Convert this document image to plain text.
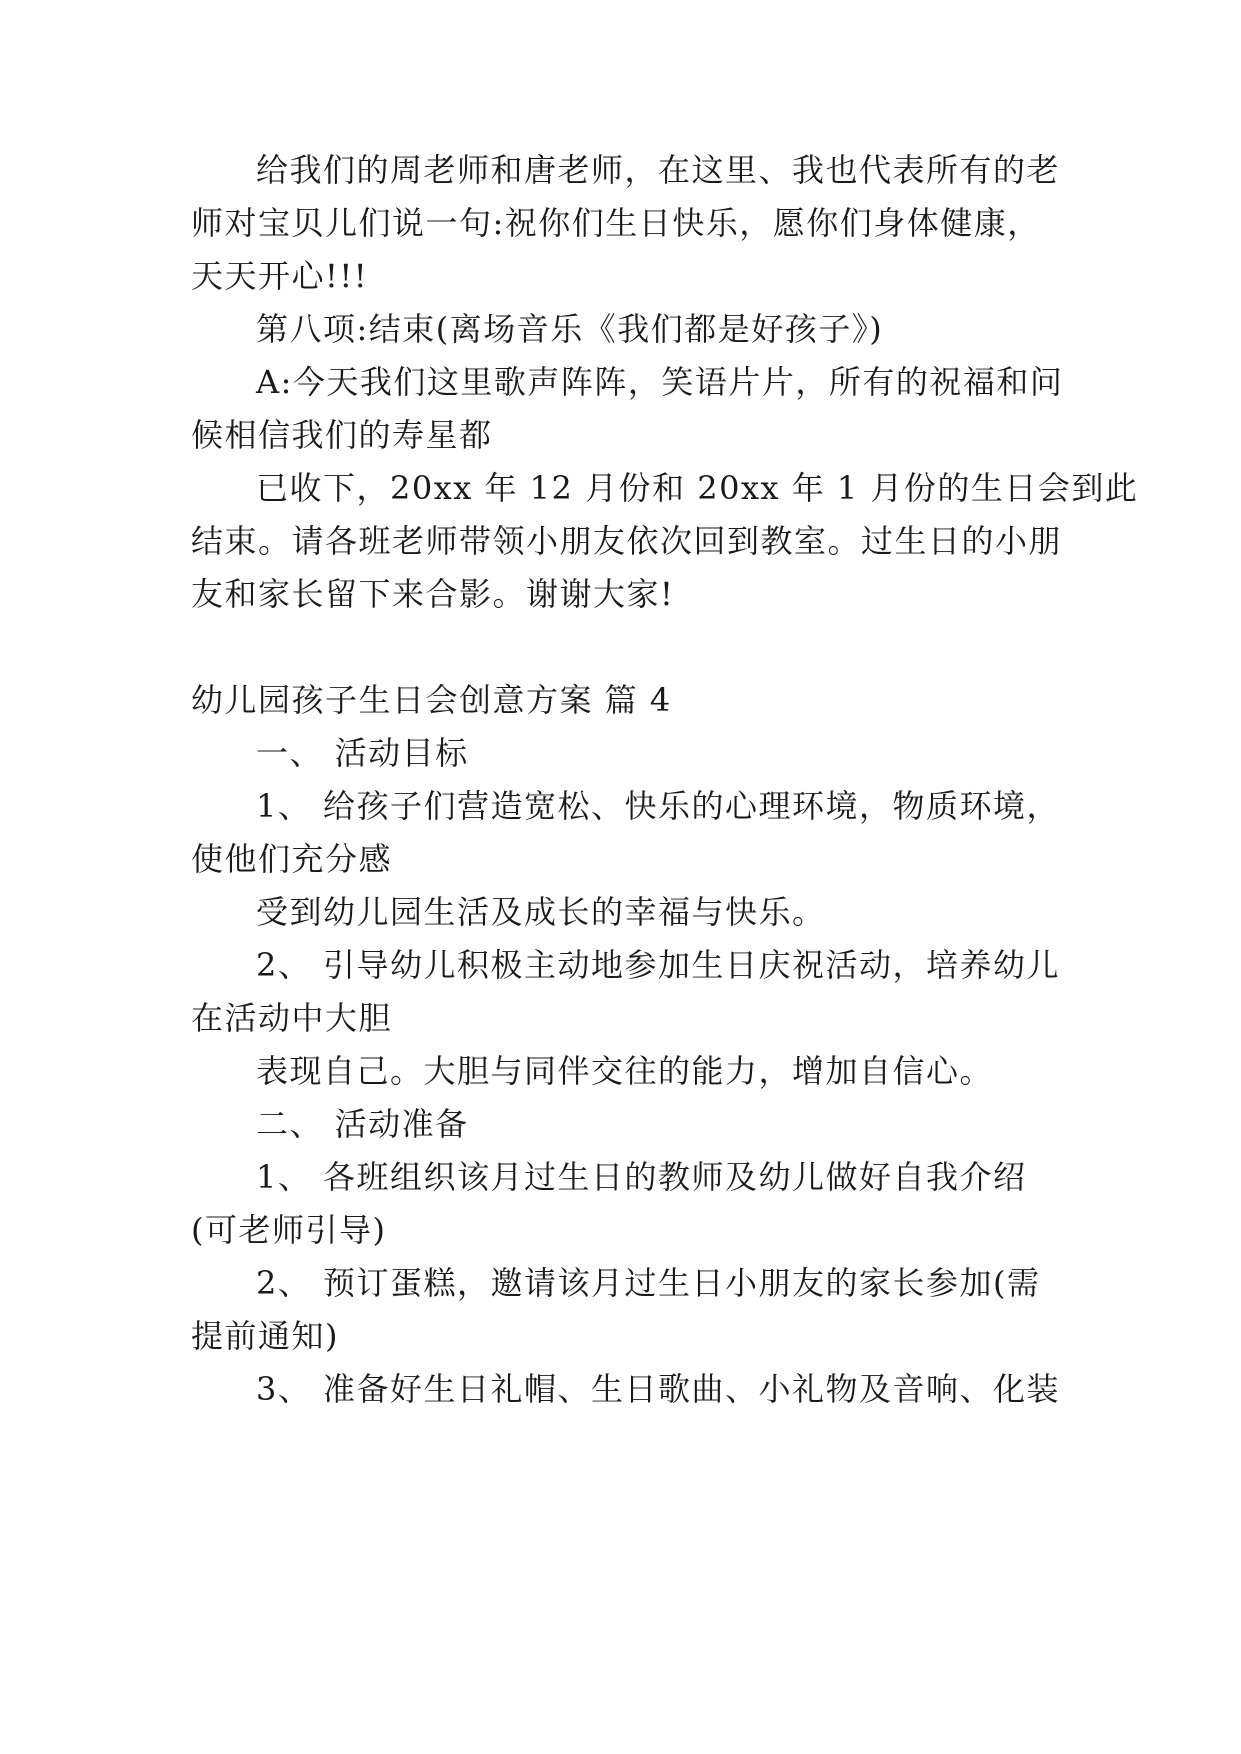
给我们的周老师和唐老师，在这里、我也代表所有的老
师对宝贝儿们说一句:祝你们生日快乐，愿你们身体健康，
天天开心!!!
第八项:结束(离场音乐《我们都是好孩子》)
A:今天我们这里歌声阵阵，笑语片片，所有的祝福和问
候相信我们的寿星都
已收下，20xx 年 12 月份和 20xx 年 1 月份的生日会到此
结束。请各班老师带领小朋友依次回到教室。过生日的小朋
友和家长留下来合影。谢谢大家!
幼儿园孩子生日会创意方案 篇 4
一、 活动目标
1、 给孩子们营造宽松、快乐的心理环境，物质环境，
使他们充分感
受到幼儿园生活及成长的幸福与快乐。
2、 引导幼儿积极主动地参加生日庆祝活动，培养幼儿
在活动中大胆
表现自己。大胆与同伴交往的能力，增加自信心。
二、 活动准备
1、 各班组织该月过生日的教师及幼儿做好自我介绍
(可老师引导)
2、 预订蛋糕，邀请该月过生日小朋友的家长参加(需
提前通知)
3、 准备好生日礼帽、生日歌曲、小礼物及音响、化装
